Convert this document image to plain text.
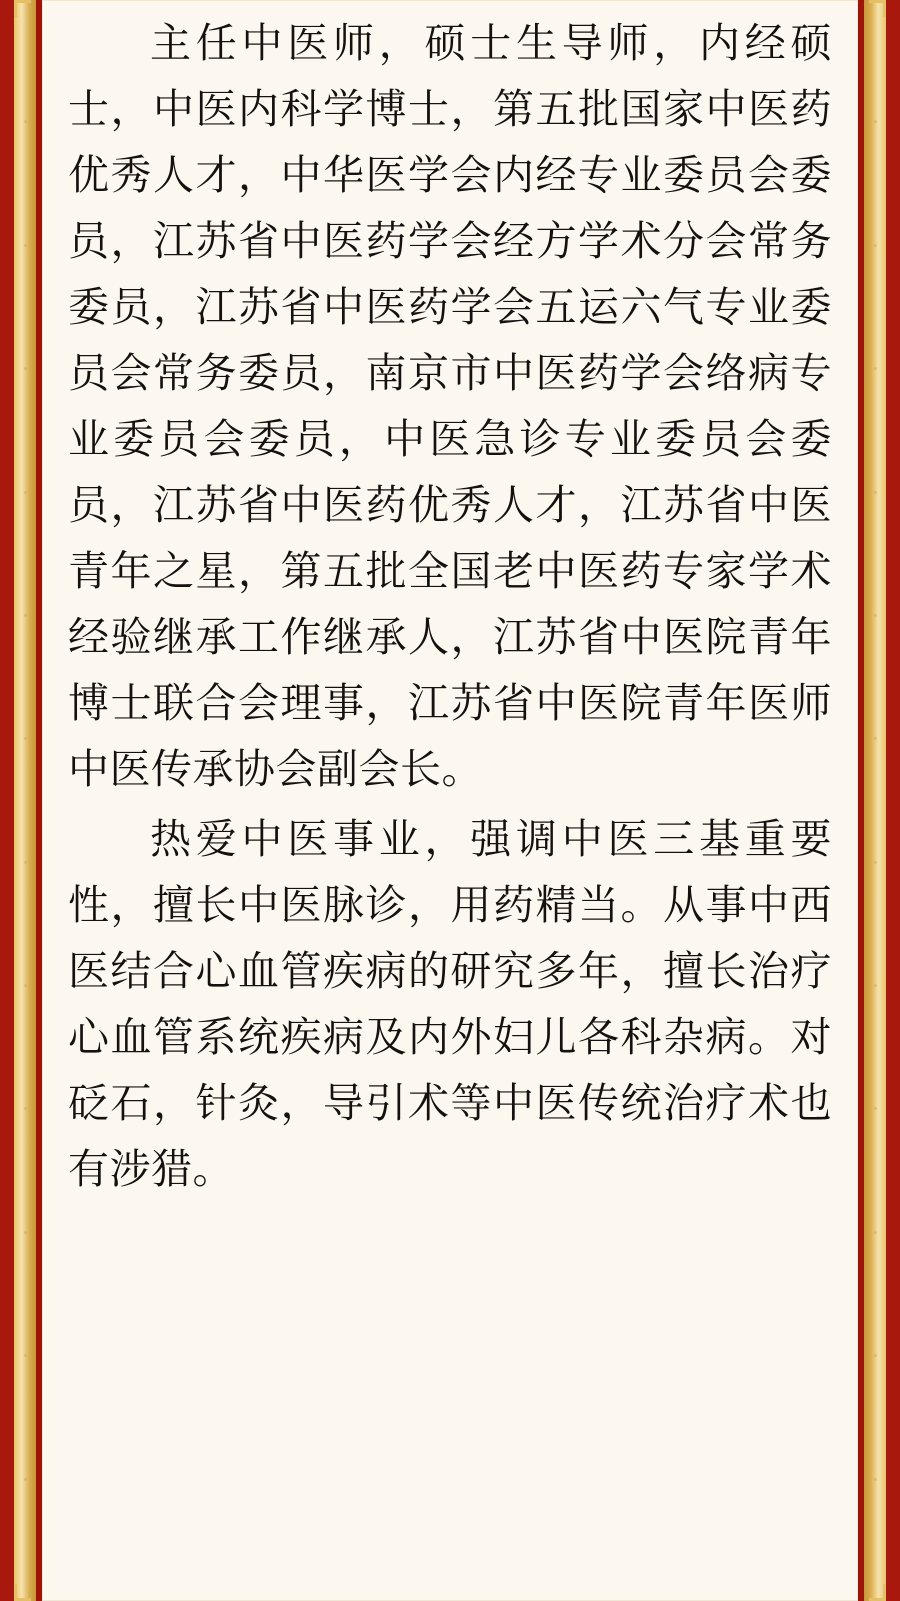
主任中医师，硕士生导师，内经硕士，中医内科学博士，第五批国家中医药优秀人才，中华医学会内经专业委员会委员，江苏省中医药学会经方学术分会常务委员，江苏省中医药学会五运六气专业委员会常务委员，南京市中医药学会络病专业委员会委员，中医急诊专业委员会委员，江苏省中医药优秀人才，江苏省中医青年之星，第五批全国老中医药专家学术经验继承工作继承人，江苏省中医院青年博士联合会理事，江苏省中医院青年医师中医传承协会副会长。

热爱中医事业，强调中医三基重要性，擅长中医脉诊，用药精当。从事中西医结合心血管疾病的研究多年，擅长治疗心血管系统疾病及内外妇儿各科杂病。对砭石，针灸，导引术等中医传统治疗术也有涉猎。
